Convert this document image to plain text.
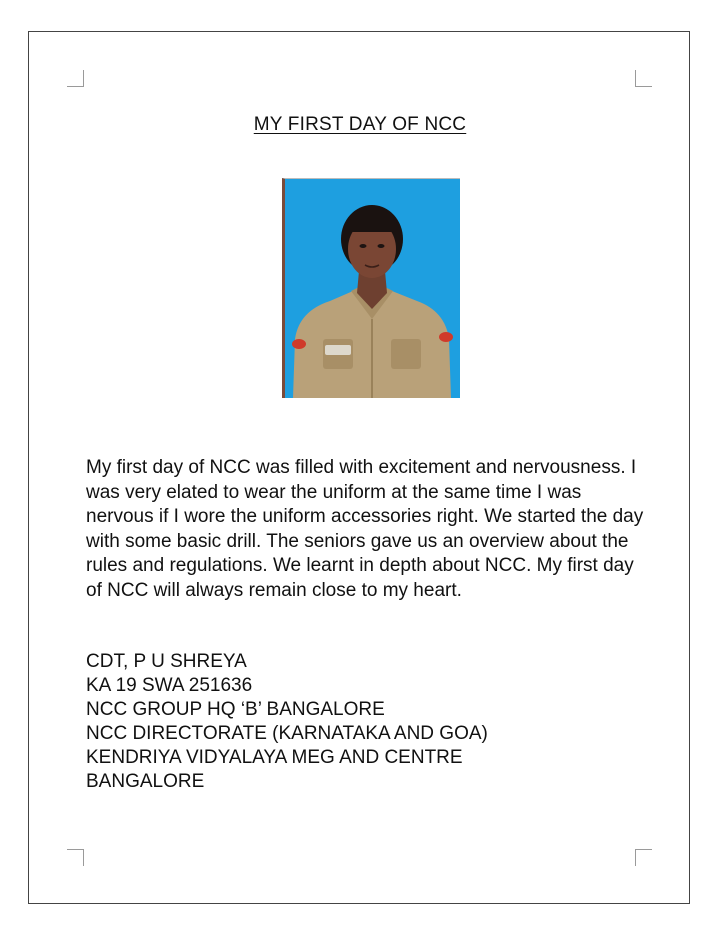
MY FIRST DAY OF NCC

My first day of NCC was filled with excitement and nervousness. I was very elated to wear the uniform at the same time I was nervous if I wore the uniform accessories right. We started the day with some basic drill. The seniors gave us an overview about the rules and regulations. We learnt in depth about NCC. My first day of NCC will always remain close to my heart.

CDT, P U SHREYA
KA 19 SWA 251636
NCC GROUP HQ ‘B’ BANGALORE
NCC DIRECTORATE (KARNATAKA AND GOA)
KENDRIYA VIDYALAYA MEG AND CENTRE
BANGALORE
